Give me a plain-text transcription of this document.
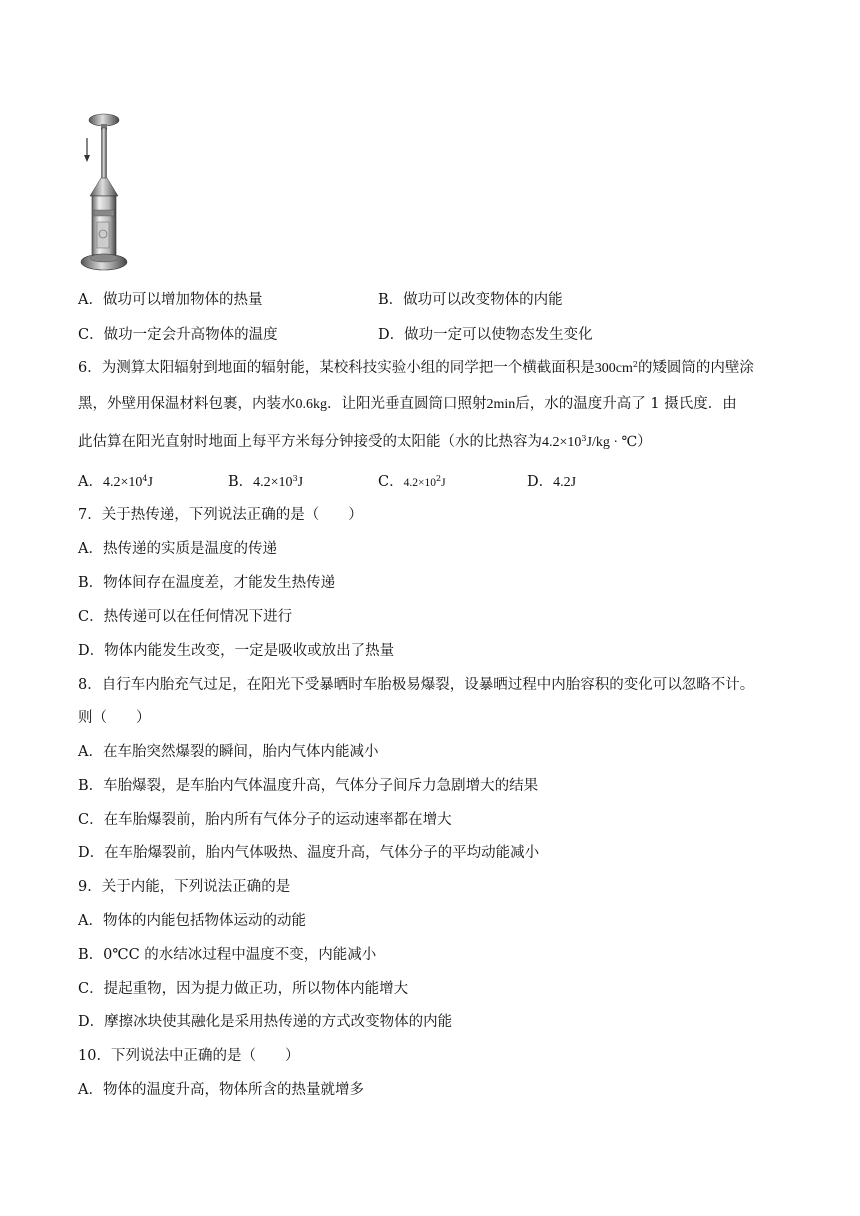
A．做功可以增加物体的热量	B．做功可以改变物体的内能
C．做功一定会升高物体的温度	D．做功一定可以使物态发生变化
6．为测算太阳辐射到地面的辐射能，某校科技实验小组的同学把一个横截面积是$300cm^2$的矮圆筒的内壁涂
黑，外壁用保温材料包裹，内装水0.6kg．让阳光垂直圆筒口照射2min后，水的温度升高了 1 摄氏度．由
此估算在阳光直射时地面上每平方米每分钟接受的太阳能（水的比热容为$4.2\times 10^3J/kg$ · ℃）
A．$4.2\times 10^4J$	B．$4.2\times 10^3J$	C．$4.2\times 10^2J$	D．4.2J
7．关于热传递，下列说法正确的是（　　）
A．热传递的实质是温度的传递
B．物体间存在温度差，才能发生热传递
C．热传递可以在任何情况下进行
D．物体内能发生改变，一定是吸收或放出了热量
8．自行车内胎充气过足，在阳光下受暴晒时车胎极易爆裂，设暴晒过程中内胎容积的变化可以忽略不计。
则（　　）
A．在车胎突然爆裂的瞬间，胎内气体内能减小
B．车胎爆裂，是车胎内气体温度升高，气体分子间斥力急剧增大的结果
C．在车胎爆裂前，胎内所有气体分子的运动速率都在增大
D．在车胎爆裂前，胎内气体吸热、温度升高，气体分子的平均动能减小
9．关于内能，下列说法正确的是
A．物体的内能包括物体运动的动能
B．0℃C 的水结冰过程中温度不变，内能减小
C．提起重物，因为提力做正功，所以物体内能增大
D．摩擦冰块使其融化是采用热传递的方式改变物体的内能
10．下列说法中正确的是（　　）
A．物体的温度升高，物体所含的热量就增多
